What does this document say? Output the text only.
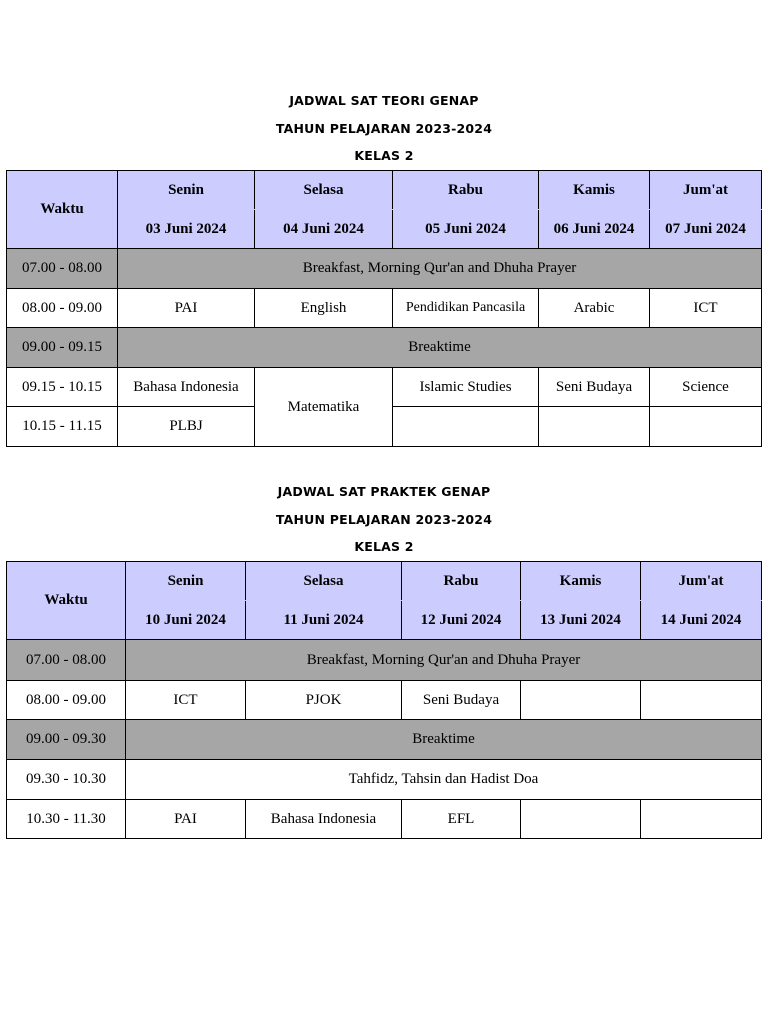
JADWAL SAT TEORI GENAP
TAHUN PELAJARAN 2023-2024
KELAS 2
Waktu	Senin	Selasa	Rabu	Kamis	Jum'at
	03 Juni 2024	04 Juni 2024	05 Juni 2024	06 Juni 2024	07 Juni 2024
07.00 - 08.00	Breakfast, Morning Qur'an and Dhuha Prayer				
08.00 - 09.00	PAI	English	Pendidikan Pancasila	Arabic	ICT
09.00 - 09.15	Breaktime				
09.15 - 10.15	Bahasa Indonesia	Matematika	Islamic Studies	Seni Budaya	Science
10.15 - 11.15	PLBJ				
JADWAL SAT PRAKTEK GENAP
TAHUN PELAJARAN 2023-2024
KELAS 2
Waktu	Senin	Selasa	Rabu	Kamis	Jum'at
	10 Juni 2024	11 Juni 2024	12 Juni 2024	13 Juni 2024	14 Juni 2024
07.00 - 08.00	Breakfast, Morning Qur'an and Dhuha Prayer				
08.00 - 09.00	ICT	PJOK	Seni Budaya		
09.00 - 09.30	Breaktime				
09.30 - 10.30	Tahfidz, Tahsin dan Hadist Doa				
10.30 - 11.30	PAI	Bahasa Indonesia	EFL		
